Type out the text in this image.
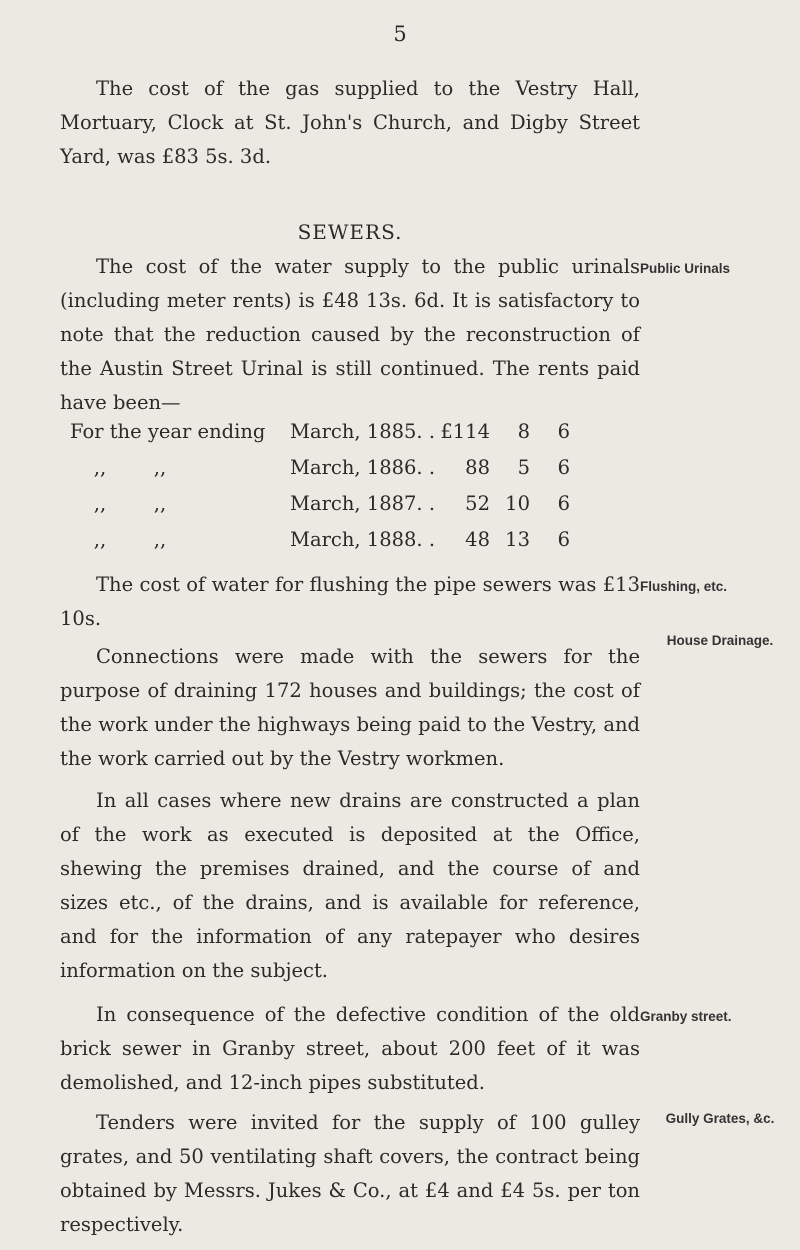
5

The cost of the gas supplied to the Vestry Hall, Mortuary, Clock at St. John's Church, and Digby Street Yard, was £83 5s. 3d.

SEWERS.

The cost of the water supply to the public urinals (including meter rents) is £48 13s. 6d. It is satisfactory to note that the reduction caused by the reconstruction of the Austin Street Urinal is still continued. The rents paid have been—

For the year ending	March, 1885. .	£114	8	6
,, ,,	March, 1886. .	88	5	6
,, ,,	March, 1887. .	52	10	6
,, ,,	March, 1888. .	48	13	6

The cost of water for flushing the pipe sewers was £13 10s.

Connections were made with the sewers for the purpose of draining 172 houses and buildings; the cost of the work under the highways being paid to the Vestry, and the work carried out by the Vestry workmen.

In all cases where new drains are constructed a plan of the work as executed is deposited at the Office, shewing the premises drained, and the course of and sizes etc., of the drains, and is available for reference, and for the information of any ratepayer who desires information on the subject.

In consequence of the defective condition of the old brick sewer in Granby street, about 200 feet of it was demolished, and 12-inch pipes substituted.

Tenders were invited for the supply of 100 gulley grates, and 50 ventilating shaft covers, the contract being obtained by Messrs. Jukes & Co., at £4 and £4 5s. per ton respectively.

Public Urinals
Flushing, etc.
House Drainage.
Granby street.
Gully Grates, &c.
